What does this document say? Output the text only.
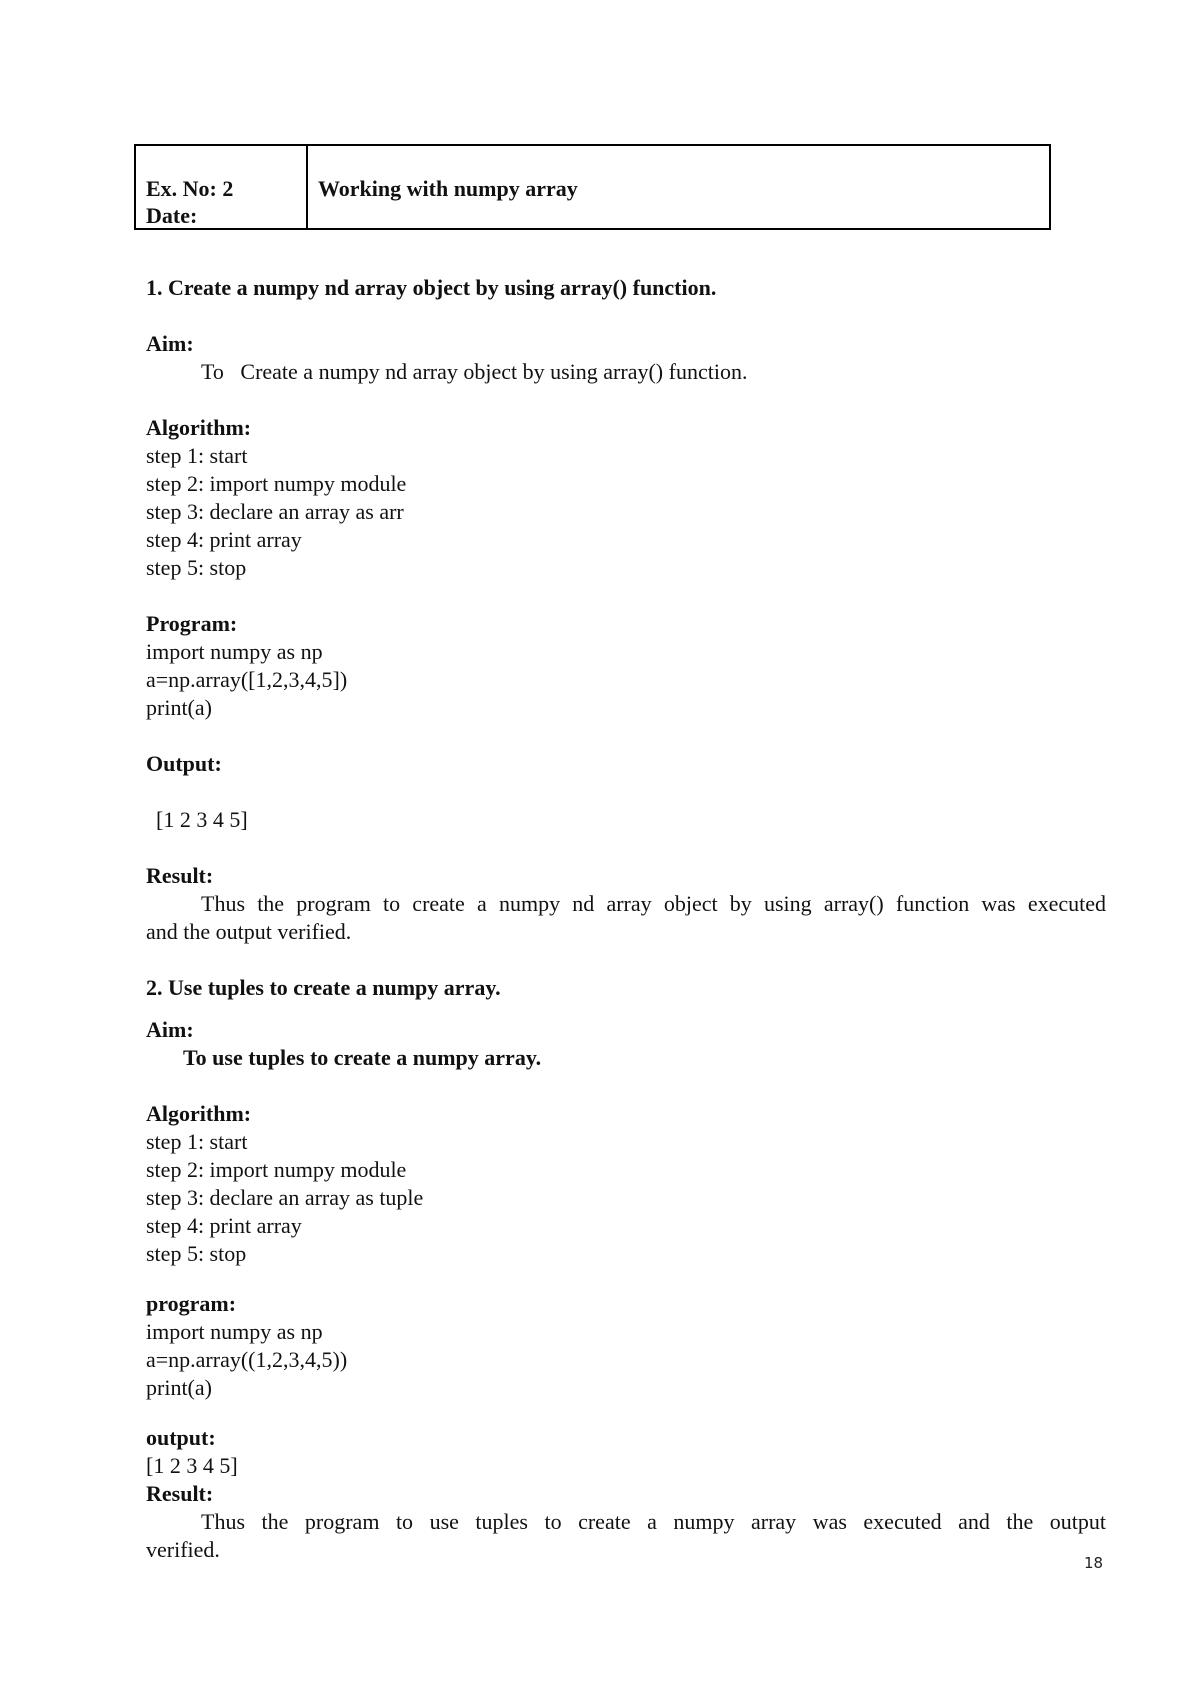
Ex. No: 2
Date:
Working with numpy array
1. Create a numpy nd array object by using array() function.
Aim:
To   Create a numpy nd array object by using array() function.
Algorithm:
step 1: start
step 2: import numpy module
step 3: declare an array as arr
step 4: print array
step 5: stop
Program:
import numpy as np
a=np.array([1,2,3,4,5])
print(a)
Output:
[1 2 3 4 5]
Result:
Thus the program to create a numpy nd array object by using array() function was executed
and the output verified.
2. Use tuples to create a numpy array.
Aim:
To use tuples to create a numpy array.
Algorithm:
step 1: start
step 2: import numpy module
step 3: declare an array as tuple
step 4: print array
step 5: stop
program:
import numpy as np
a=np.array((1,2,3,4,5))
print(a)
output:
[1 2 3 4 5]
Result:
Thus the program to use tuples to create a numpy array was executed and the output
verified.
18
